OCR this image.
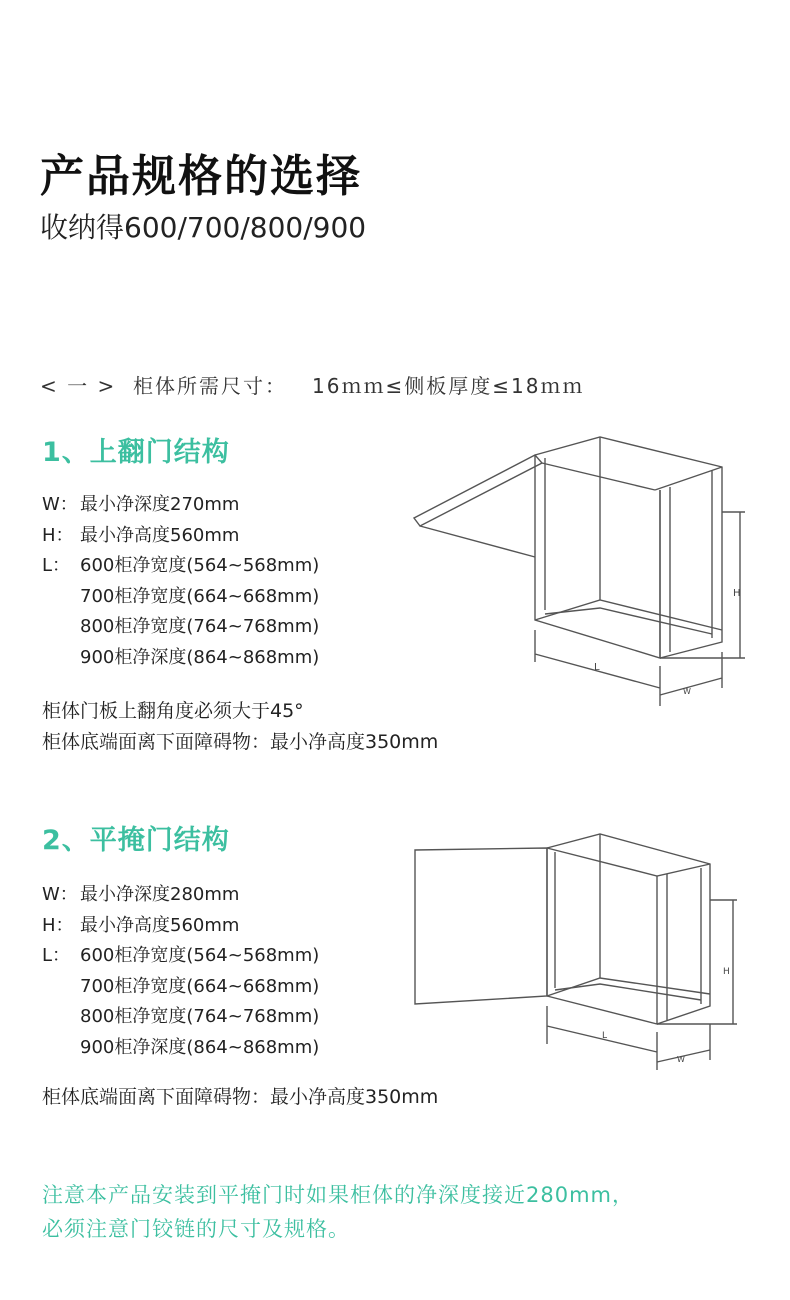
产品规格的选择
收纳得600/700/800/900
< 一 >  柜体所需尺寸：   16ｍｍ≤侧板厚度≤18ｍｍ
1、上翻门结构
W： 最小净深度270mm
H： 最小净高度560mm
L： 600柜净宽度(564~568mm)
700柜净宽度(664~668mm)
800柜净宽度(764~768mm)
900柜净深度(864~868mm)
柜体门板上翻角度必须大于45°
柜体底端面离下面障碍物：最小净高度350mm
H
L
W
2、平掩门结构
W： 最小净深度280mm
H： 最小净高度560mm
L： 600柜净宽度(564~568mm)
700柜净宽度(664~668mm)
800柜净宽度(764~768mm)
900柜净深度(864~868mm)
柜体底端面离下面障碍物：最小净高度350mm
H
L
W
注意本产品安装到平掩门时如果柜体的净深度接近280mm，
必须注意门铰链的尺寸及规格。
